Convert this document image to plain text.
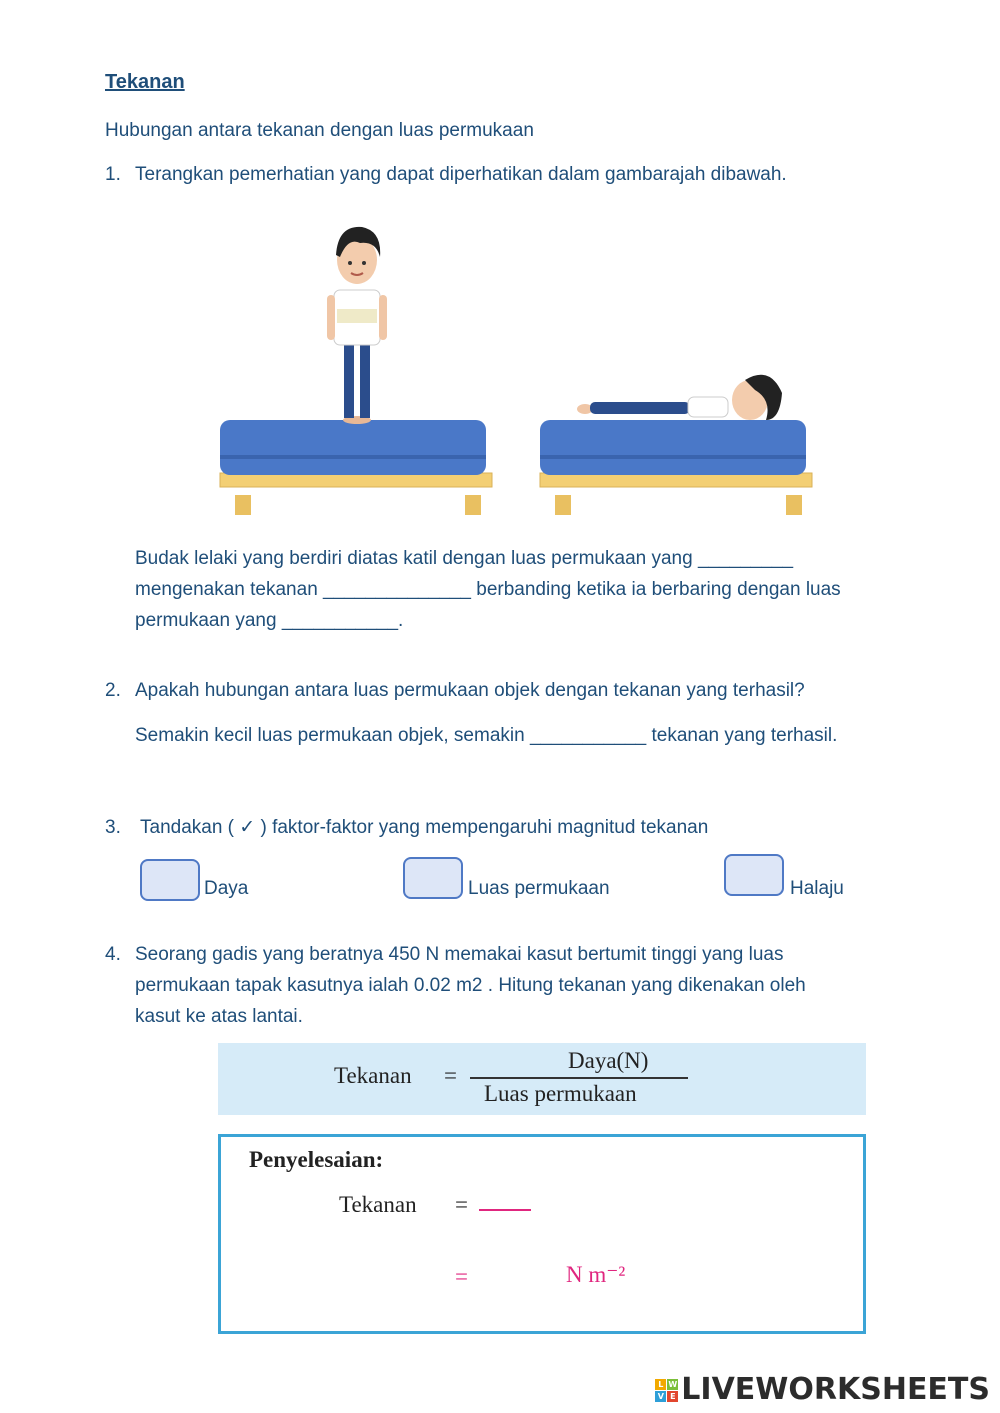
Tekanan
Hubungan antara tekanan dengan luas permukaan
1. Terangkan pemerhatian yang dapat diperhatikan dalam gambarajah dibawah.
Budak lelaki yang berdiri diatas katil dengan luas permukaan yang _________
mengenakan tekanan ______________ berbanding ketika ia berbaring dengan luas
permukaan yang ___________.
2. Apakah hubungan antara luas permukaan objek dengan tekanan yang terhasil?
Semakin kecil luas permukaan objek, semakin ___________ tekanan yang terhasil.
3. Tandakan ( ✓ ) faktor-faktor yang mempengaruhi magnitud tekanan
Daya	Luas permukaan	Halaju
4. Seorang gadis yang beratnya 450 N memakai kasut bertumit tinggi yang luas
permukaan tapak kasutnya ialah 0.02 m2 . Hitung tekanan yang dikenakan oleh
kasut ke atas lantai.
Tekanan =
Daya(N)
Luas permukaan
Penyelesaian:
Tekanan =
=	N m⁻²
L W
V E LIVEWORKSHEETS
